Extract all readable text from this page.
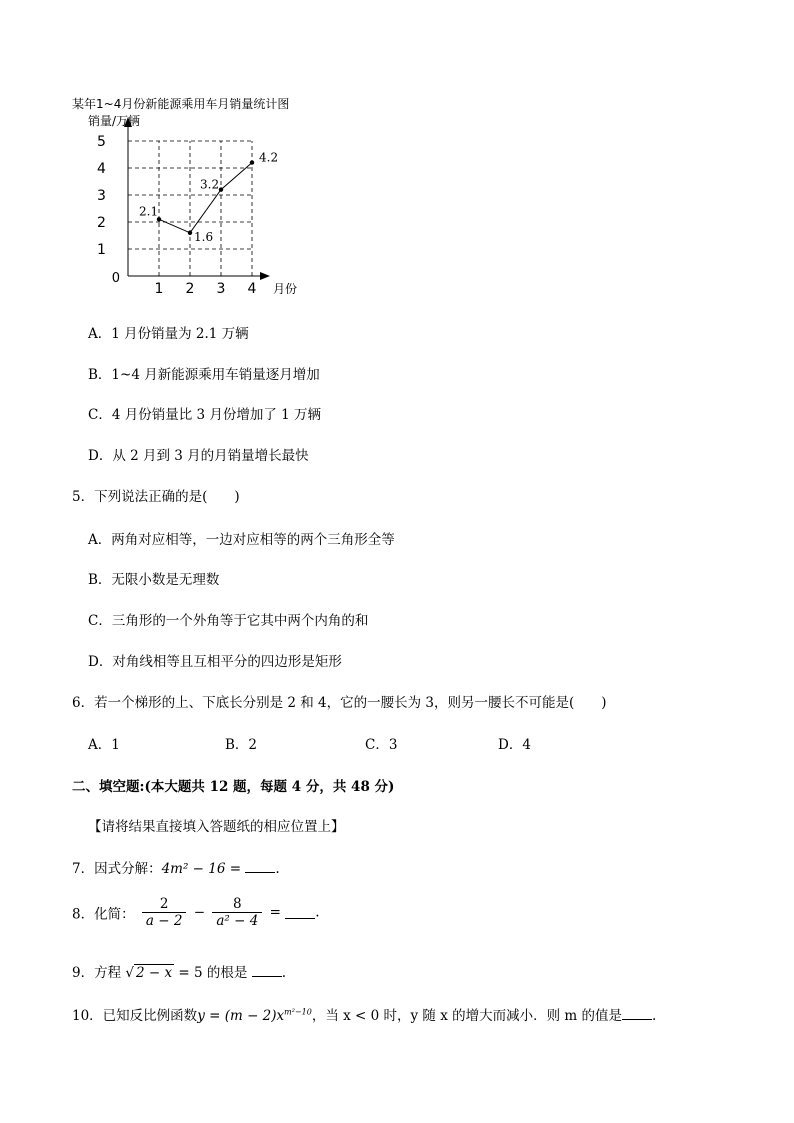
某年1~4月份新能源乘用车月销量统计图
销量/万辆
月份
0
1
2
3
4
5
1 2 3 4
2.1
1.6
3.2
4.2
A．1 月份销量为 2.1 万辆
B．1~4 月新能源乘用车销量逐月增加
C．4 月份销量比 3 月份增加了 1 万辆
D．从 2 月到 3 月的月销量增长最快
5．下列说法正确的是(　　)
A．两角对应相等，一边对应相等的两个三角形全等
B．无限小数是无理数
C．三角形的一个外角等于它其中两个内角的和
D．对角线相等且互相平分的四边形是矩形
6．若一个梯形的上、下底长分别是 2 和 4，它的一腰长为 3，则另一腰长不可能是(　　)
A．1	B．2	C．3	D．4
二、填空题:(本大题共 12 题，每题 4 分，共 48 分)
【请将结果直接填入答题纸的相应位置上】
7．因式分解：4m² − 16 =	.
8．化简： $\frac{2}{a - 2} - \frac{8}{\text{a² − 4}}$ =	.
9．方程 √ 2 − x = 5 的根是	.
10．已知反比例函数$y = (m - 2)x^{m^2-10}$，当 x < 0 时，y 随 x 的增大而减小．则 m 的值是 .
